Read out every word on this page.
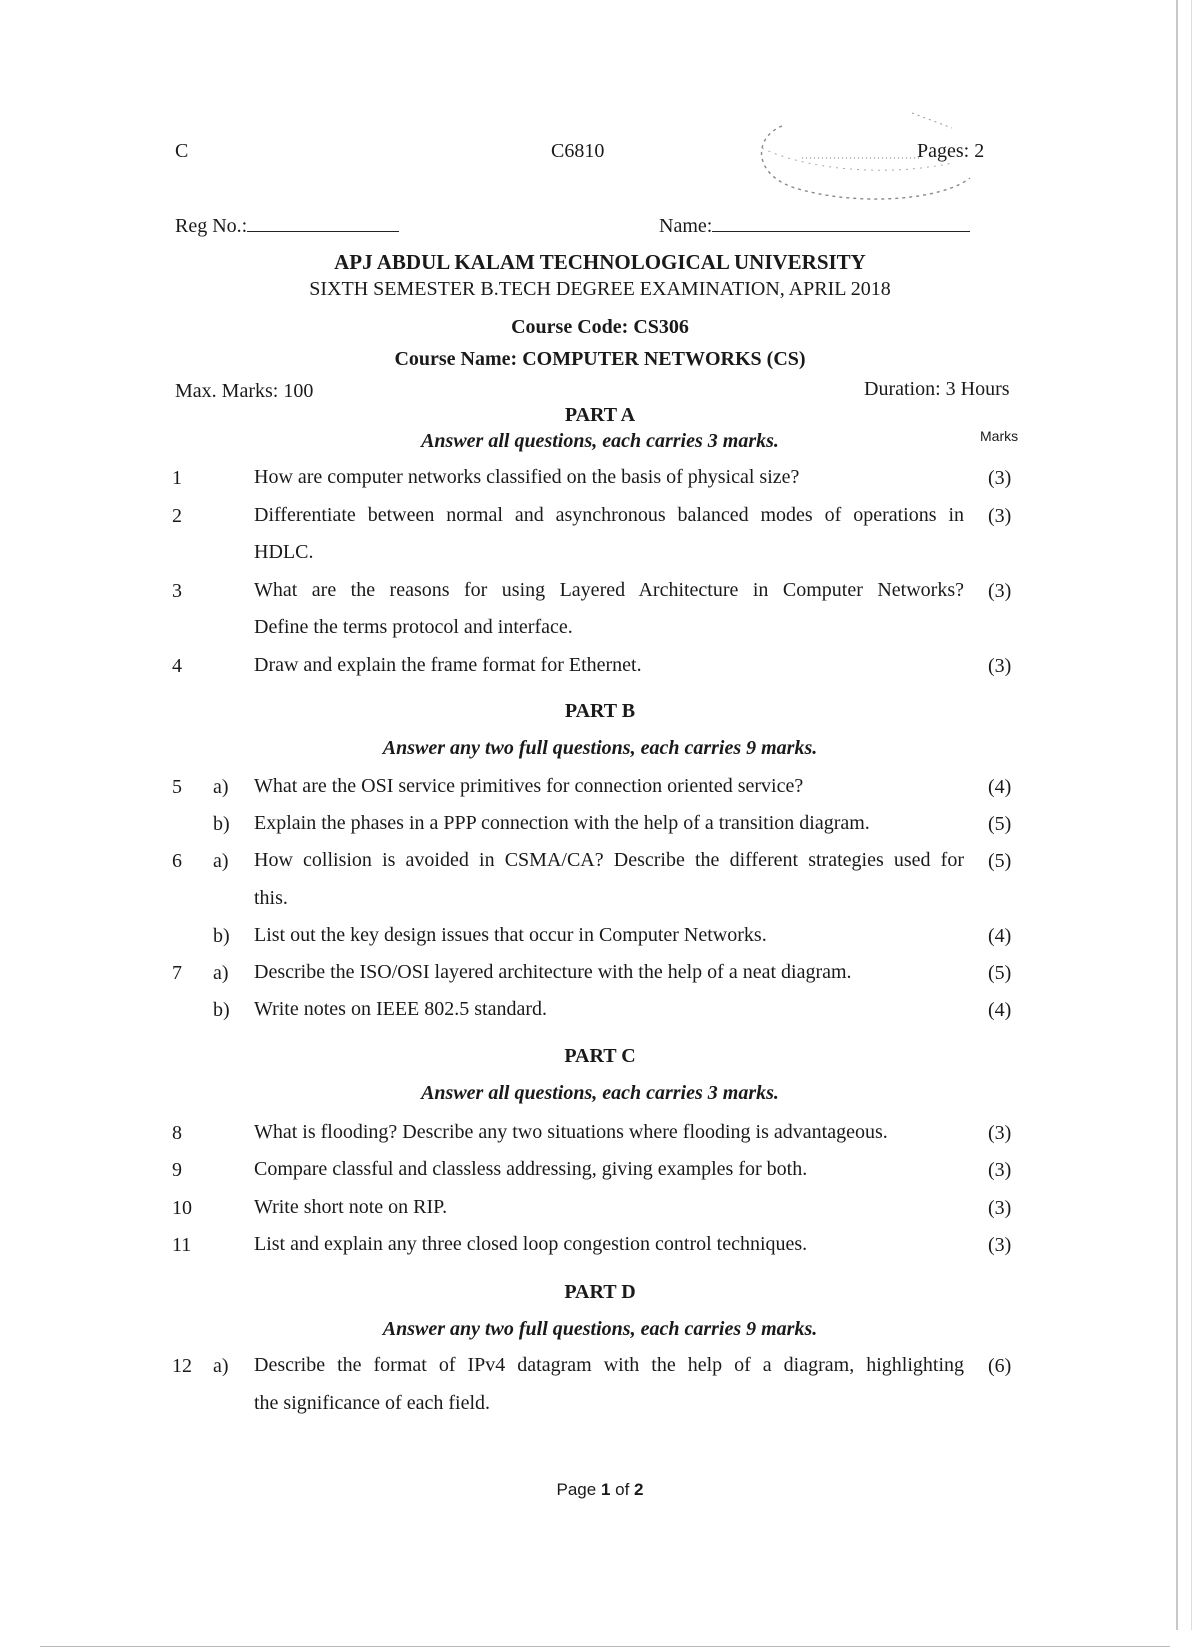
C	C6810	Pages: 2
Reg No.:	Name:
APJ ABDUL KALAM TECHNOLOGICAL UNIVERSITY
SIXTH SEMESTER B.TECH DEGREE EXAMINATION, APRIL 2018
Course Code: CS306
Course Name: COMPUTER NETWORKS (CS)
Max. Marks: 100	Duration: 3 Hours
PART A
Answer all questions, each carries 3 marks.	Marks
1	How are computer networks classified on the basis of physical size?	(3)
2	Differentiate between normal and asynchronous balanced modes of operations in
HDLC.
(3)
3	What are the reasons for using Layered Architecture in Computer Networks?
Define the terms protocol and interface.
(3)
4	Draw and explain the frame format for Ethernet.	(3)
PART B
Answer any two full questions, each carries 9 marks.
5 a) What are the OSI service primitives for connection oriented service?	(4)
b) Explain the phases in a PPP connection with the help of a transition diagram.	(5)
6 a) How collision is avoided in CSMA/CA? Describe the different strategies used for
this.
(5)
b) List out the key design issues that occur in Computer Networks.	(4)
7 a) Describe the ISO/OSI layered architecture with the help of a neat diagram.	(5)
b) Write notes on IEEE 802.5 standard.	(4)
PART C
Answer all questions, each carries 3 marks.
8	What is flooding? Describe any two situations where flooding is advantageous.	(3)
9	Compare classful and classless addressing, giving examples for both.	(3)
10	Write short note on RIP.	(3)
11	List and explain any three closed loop congestion control techniques.	(3)
PART D
Answer any two full questions, each carries 9 marks.
12 a) Describe the format of IPv4 datagram with the help of a diagram, highlighting
the significance of each field.
(6)
Page 1 of 2
